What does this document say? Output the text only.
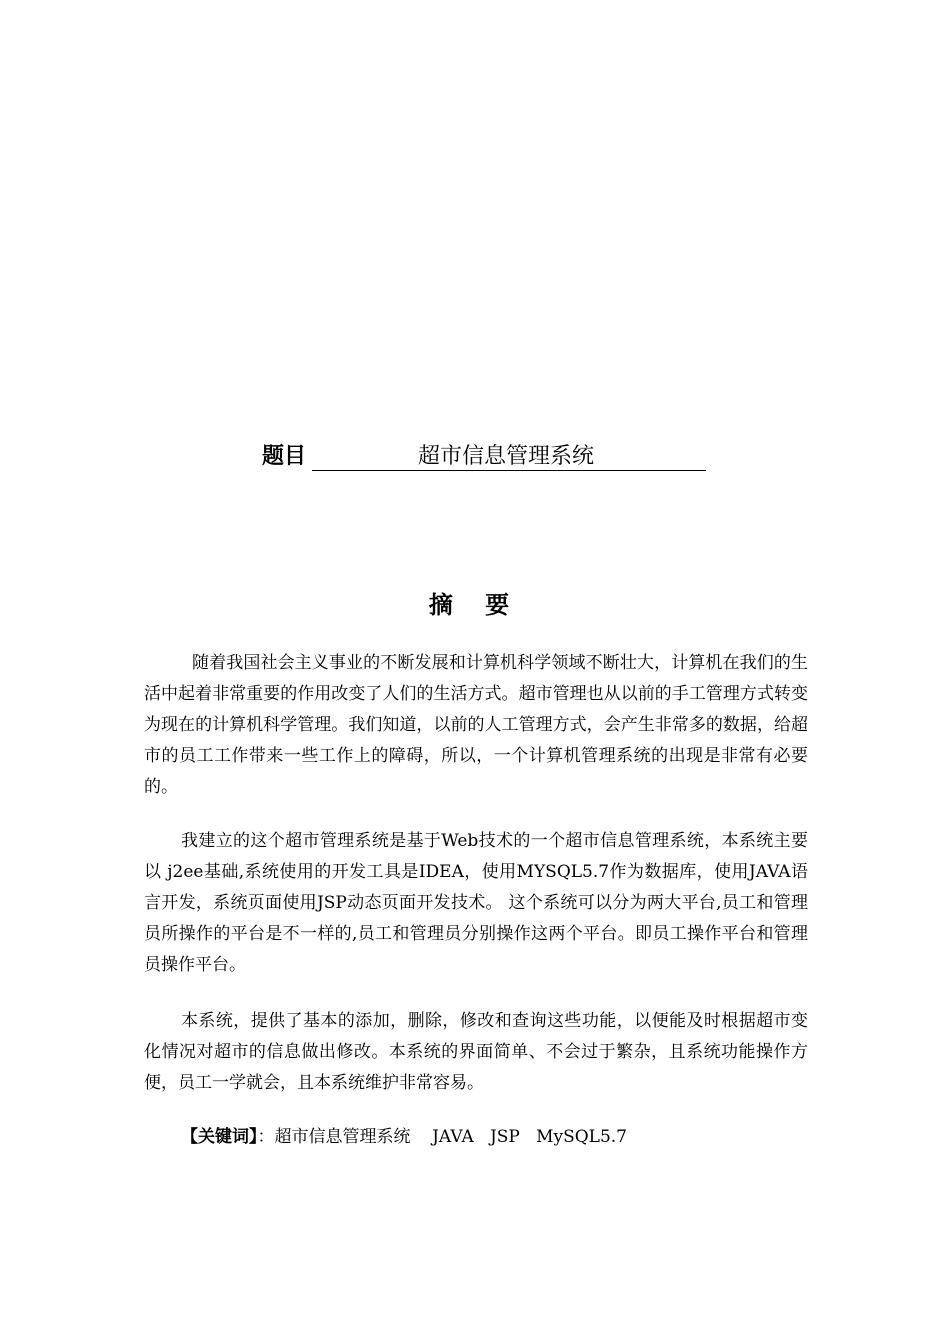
题目	超市信息管理系统
摘 要

随着我国社会主义事业的不断发展和计算机科学领域不断壮大，计算机在我们的生活中起着非常重要的作用改变了人们的生活方式。超市管理也从以前的手工管理方式转变为现在的计算机科学管理。我们知道，以前的人工管理方式，会产生非常多的数据，给超市的员工工作带来一些工作上的障碍，所以，一个计算机管理系统的出现是非常有必要的。

我建立的这个超市管理系统是基于Web技术的一个超市信息管理系统，本系统主要以 j2ee基础,系统使用的开发工具是IDEA，使用MYSQL5.7作为数据库，使用JAVA语言开发，系统页面使用JSP动态页面开发技术。 这个系统可以分为两大平台,员工和管理员所操作的平台是不一样的,员工和管理员分别操作这两个平台。即员工操作平台和管理员操作平台。

本系统，提供了基本的添加，删除，修改和查询这些功能，以便能及时根据超市变化情况对超市的信息做出修改。本系统的界面简单、不会过于繁杂，且系统功能操作方便，员工一学就会，且本系统维护非常容易。

【关键词】：超市信息管理系统    JAVA   JSP   MySQL5.7
